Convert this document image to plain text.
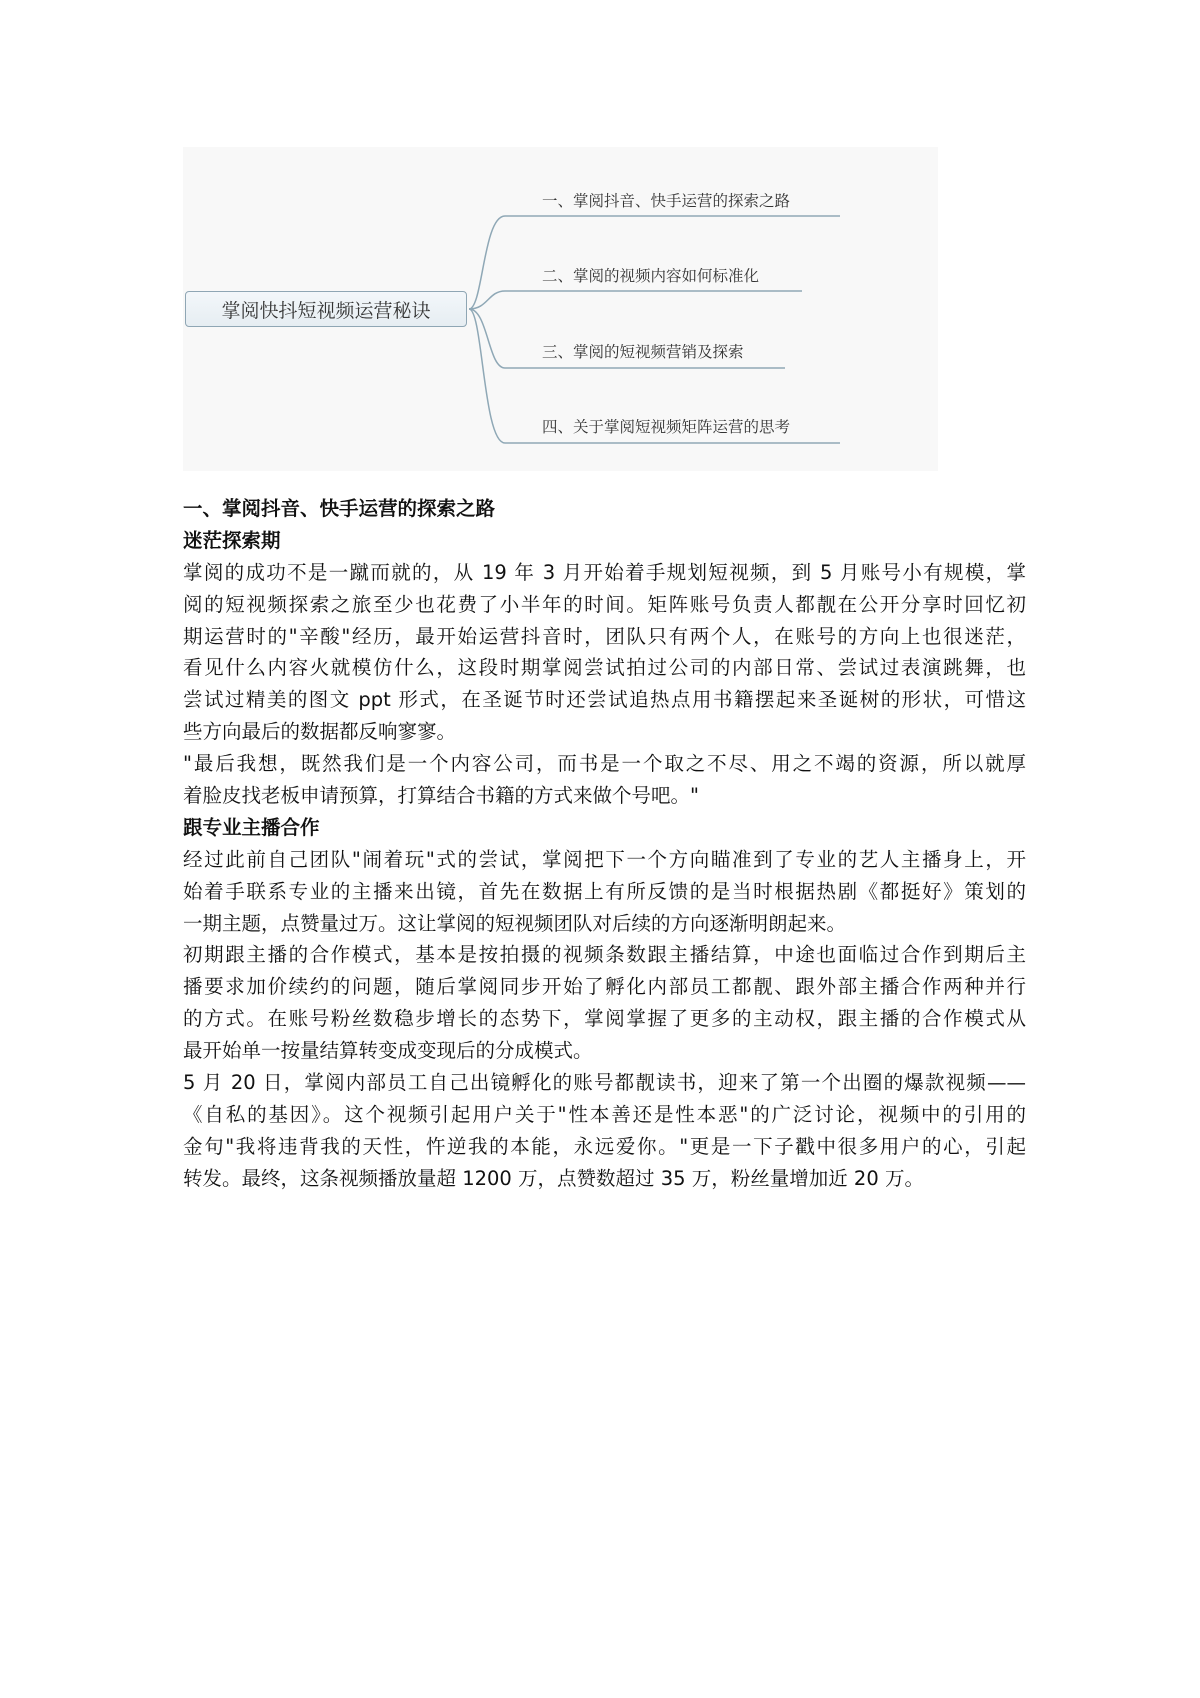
掌阅快抖短视频运营秘诀
一、掌阅抖音、快手运营的探索之路
二、掌阅的视频内容如何标准化
三、掌阅的短视频营销及探索
四、关于掌阅短视频矩阵运营的思考
一、掌阅抖音、快手运营的探索之路
迷茫探索期
掌阅的成功不是一蹴而就的，从 19 年 3 月开始着手规划短视频，到 5 月账号小有规模，掌
阅的短视频探索之旅至少也花费了小半年的时间。矩阵账号负责人都靓在公开分享时回忆初
期运营时的"辛酸"经历，最开始运营抖音时，团队只有两个人，在账号的方向上也很迷茫，
看见什么内容火就模仿什么，这段时期掌阅尝试拍过公司的内部日常、尝试过表演跳舞，也
尝试过精美的图文 ppt 形式，在圣诞节时还尝试追热点用书籍摆起来圣诞树的形状，可惜这
些方向最后的数据都反响寥寥。
"最后我想，既然我们是一个内容公司，而书是一个取之不尽、用之不竭的资源，所以就厚
着脸皮找老板申请预算，打算结合书籍的方式来做个号吧。"
跟专业主播合作
经过此前自己团队"闹着玩"式的尝试，掌阅把下一个方向瞄准到了专业的艺人主播身上，开
始着手联系专业的主播来出镜，首先在数据上有所反馈的是当时根据热剧《都挺好》策划的
一期主题，点赞量过万。这让掌阅的短视频团队对后续的方向逐渐明朗起来。
初期跟主播的合作模式，基本是按拍摄的视频条数跟主播结算，中途也面临过合作到期后主
播要求加价续约的问题，随后掌阅同步开始了孵化内部员工都靓、跟外部主播合作两种并行
的方式。在账号粉丝数稳步增长的态势下，掌阅掌握了更多的主动权，跟主播的合作模式从
最开始单一按量结算转变成变现后的分成模式。
5 月 20 日，掌阅内部员工自己出镜孵化的账号都靓读书，迎来了第一个出圈的爆款视频——
《自私的基因》。这个视频引起用户关于"性本善还是性本恶"的广泛讨论，视频中的引用的
金句"我将违背我的天性，忤逆我的本能，永远爱你。"更是一下子戳中很多用户的心，引起
转发。最终，这条视频播放量超 1200 万，点赞数超过 35 万，粉丝量增加近 20 万。
